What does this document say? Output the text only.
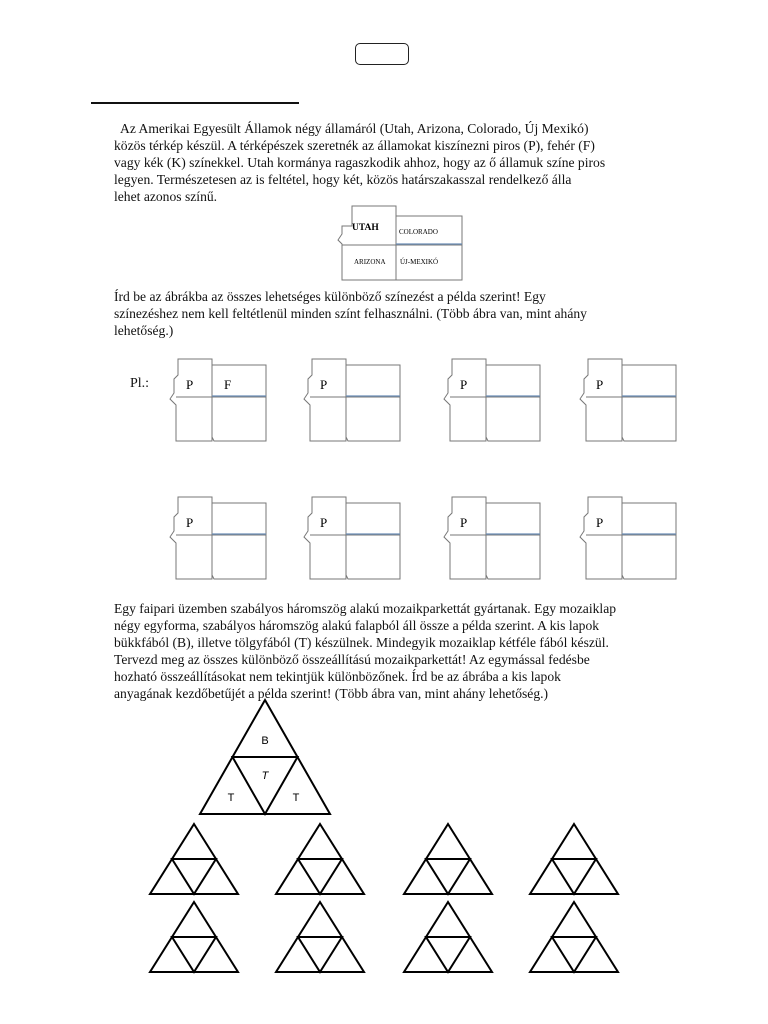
Az Amerikai Egyesült Államok négy államáról (Utah, Arizona, Colorado, Új Mexikó)
közös térkép készül. A térképészek szeretnék az államokat kiszínezni piros (P), fehér (F)
vagy kék (K) színekkel. Utah kormánya ragaszkodik ahhoz, hogy az ő államuk színe piros
legyen. Természetesen az is feltétel, hogy két, közös határszakasszal rendelkező álla
lehet azonos színű.
UTAH	COLORADO
ARIZONA ÚJ-MEXIKÓ
Írd be az ábrákba az összes lehetséges különböző színezést a példa szerint! Egy
színezéshez nem kell feltétlenül minden színt felhasználni. (Több ábra van, mint ahány
lehetőség.)
Pl.:	P F	P	P	P
P	P	P	P
Egy faipari üzemben szabályos háromszög alakú mozaikparkettát gyártanak. Egy mozaiklap
négy egyforma, szabályos háromszög alakú falapból áll össze a példa szerint. A kis lapok
bükkfából (B), illetve tölgyfából (T) készülnek. Mindegyik mozaiklap kétféle fából készül.
Tervezd meg az összes különböző összeállítású mozaikparkettát! Az egymással fedésbe
hozható összeállításokat nem tekintjük különbözőnek. Írd be az ábrába a kis lapok
anyagának kezdőbetűjét a példa szerint! (Több ábra van, mint ahány lehetőség.)
B
T
T	T
